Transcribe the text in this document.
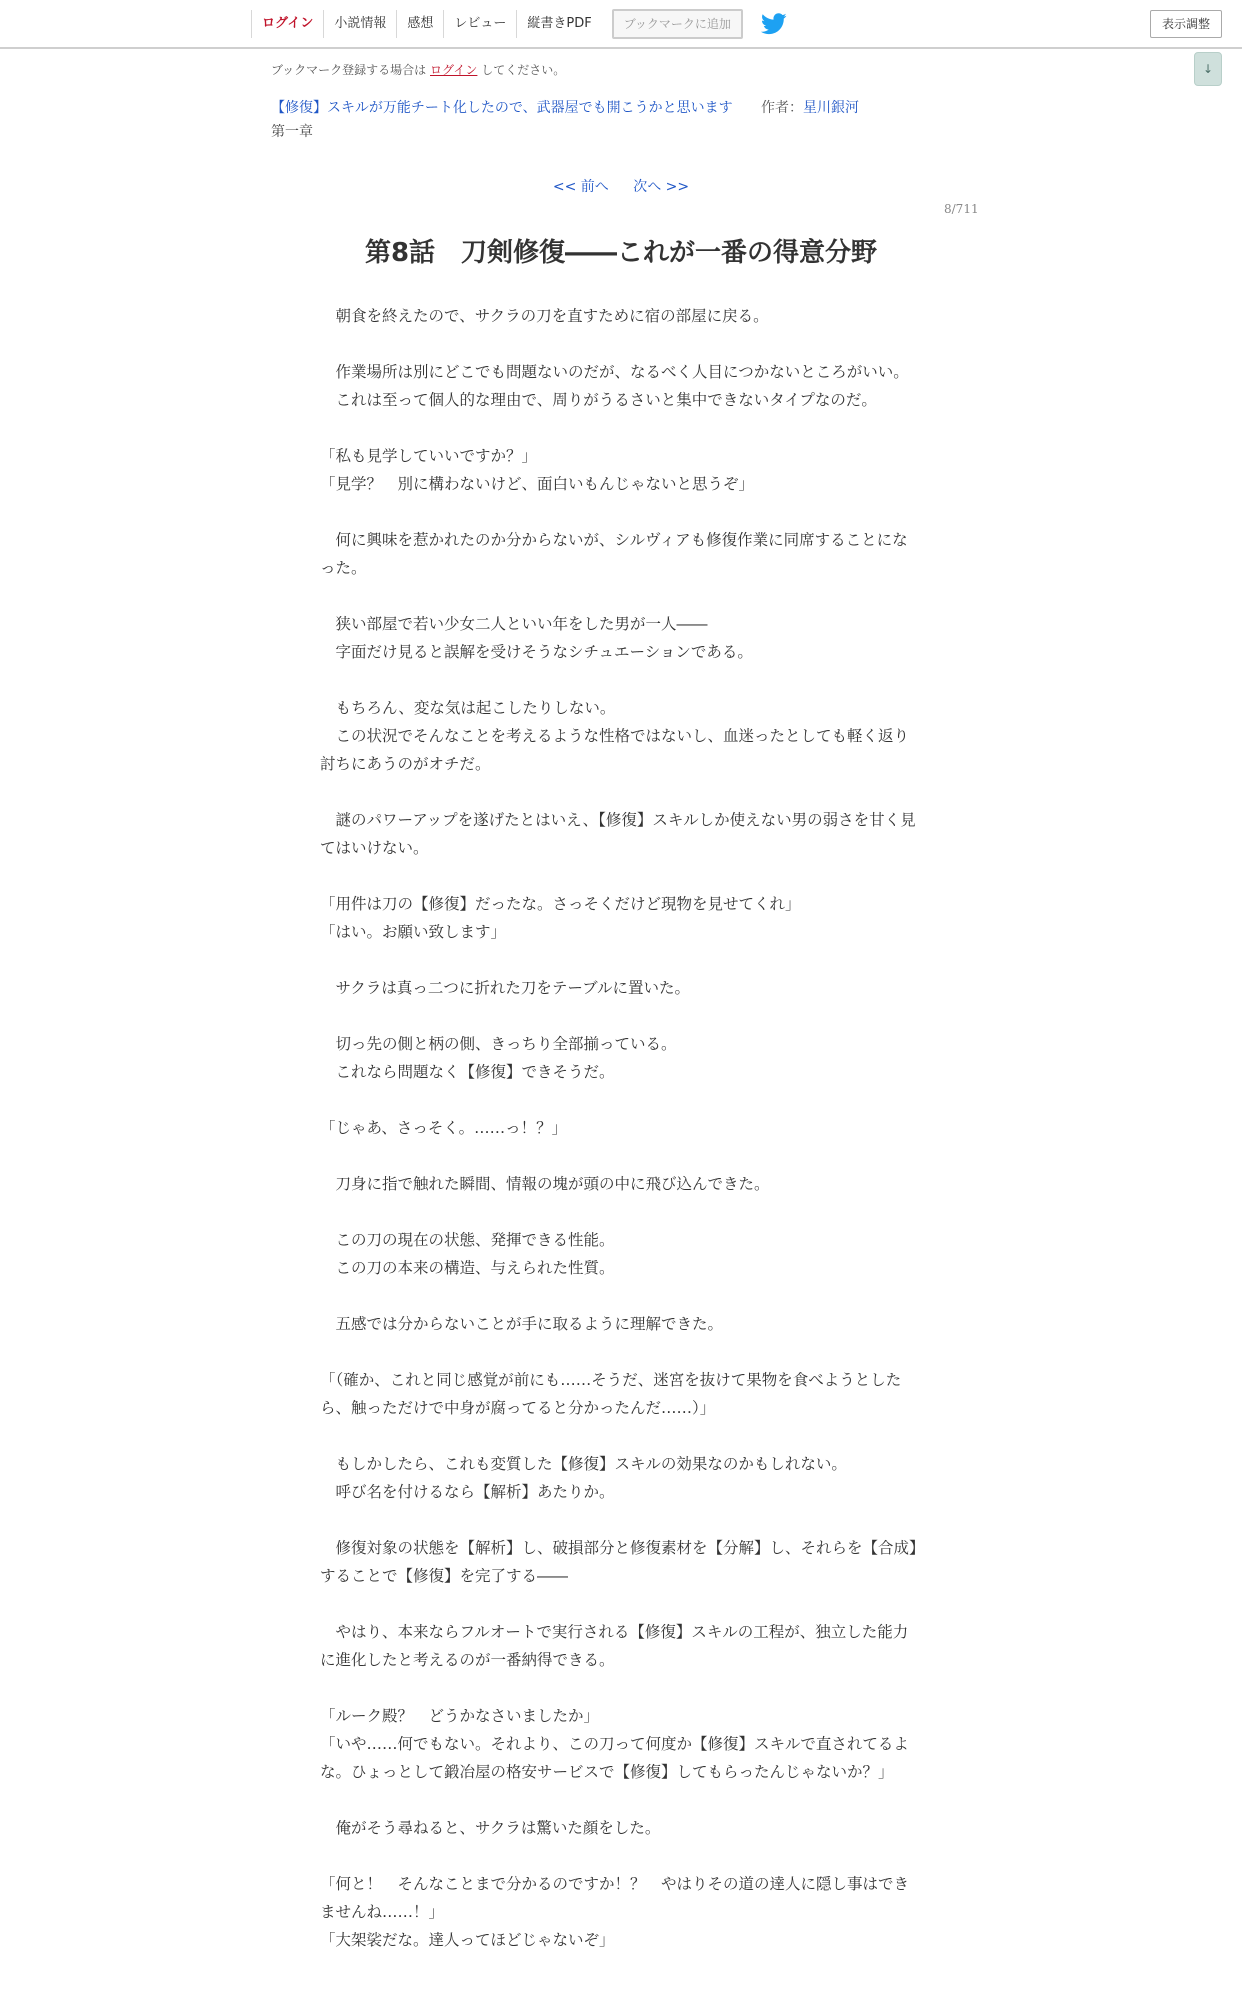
ログイン	小説情報	感想	レビュー	縦書きPDF	ブックマークに追加	表示調整
↓
ブックマーク登録する場合は ログイン してください。
【修復】スキルが万能チート化したので、武器屋でも開こうかと思います 作者：星川銀河
第一章
<< 前へ 次へ >>
8/711
第8話　刀剣修復――これが一番の得意分野

　朝食を終えたので、サクラの刀を直すために宿の部屋に戻る。

　作業場所は別にどこでも問題ないのだが、なるべく人目につかないところがいい。
　これは至って個人的な理由で、周りがうるさいと集中できないタイプなのだ。

「私も見学していいですか？」
「見学？　別に構わないけど、面白いもんじゃないと思うぞ」

　何に興味を惹かれたのか分からないが、シルヴィアも修復作業に同席することになった。

　狭い部屋で若い少女二人といい年をした男が一人――
　字面だけ見ると誤解を受けそうなシチュエーションである。

　もちろん、変な気は起こしたりしない。
　この状況でそんなことを考えるような性格ではないし、血迷ったとしても軽く返り討ちにあうのがオチだ。

　謎のパワーアップを遂げたとはいえ、【修復】スキルしか使えない男の弱さを甘く見てはいけない。

「用件は刀の【修復】だったな。さっそくだけど現物を見せてくれ」
「はい。お願い致します」

　サクラは真っ二つに折れた刀をテーブルに置いた。

　切っ先の側と柄の側、きっちり全部揃っている。
　これなら問題なく【修復】できそうだ。

「じゃあ、さっそく。……っ！？」

　刀身に指で触れた瞬間、情報の塊が頭の中に飛び込んできた。

　この刀の現在の状態、発揮できる性能。
　この刀の本来の構造、与えられた性質。

　五感では分からないことが手に取るように理解できた。

「（確か、これと同じ感覚が前にも……そうだ、迷宮を抜けて果物を食べようとしたら、触っただけで中身が腐ってると分かったんだ……）」

　もしかしたら、これも変質した【修復】スキルの効果なのかもしれない。
　呼び名を付けるなら【解析】あたりか。

　修復対象の状態を【解析】し、破損部分と修復素材を【分解】し、それらを【合成】することで【修復】を完了する――

　やはり、本来ならフルオートで実行される【修復】スキルの工程が、独立した能力に進化したと考えるのが一番納得できる。

「ルーク殿？　どうかなさいましたか」
「いや……何でもない。それより、この刀って何度か【修復】スキルで直されてるよな。ひょっとして鍛冶屋の格安サービスで【修復】してもらったんじゃないか？」

　俺がそう尋ねると、サクラは驚いた顔をした。

「何と！　そんなことまで分かるのですか！？　やはりその道の達人に隠し事はできませんね……！」
「大架裟だな。達人ってほどじゃないぞ」
